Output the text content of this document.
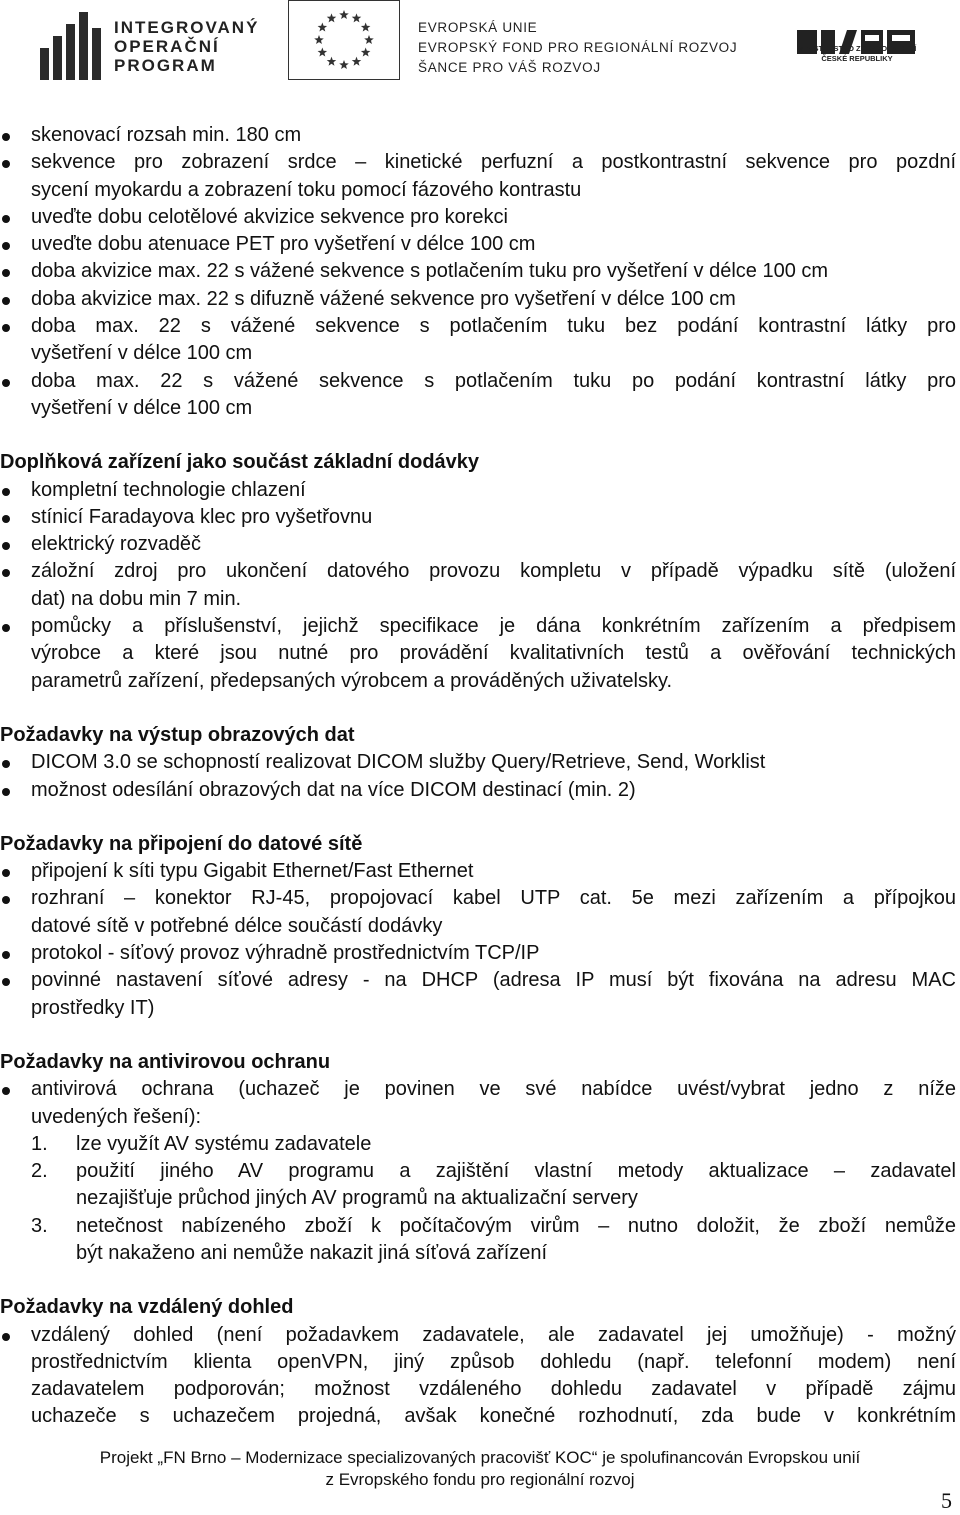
INTEGROVANÝ
OPERAČNÍ
PROGRAM
EVROPSKÁ UNIE
EVROPSKÝ FOND PRO REGIONÁLNÍ ROZVOJ
ŠANCE PRO VÁŠ ROZVOJ
MINISTERSTVO ZDRAVOTNICTVÍ
ČESKÉ REPUBLIKY
skenovací rozsah min. 180 cm
sekvence pro zobrazení srdce – kinetické perfuzní a postkontrastní sekvence pro pozdní
sycení myokardu a zobrazení toku pomocí fázového kontrastu
uveďte dobu celotělové akvizice sekvence pro korekci
uveďte dobu atenuace PET pro vyšetření v délce 100 cm
doba akvizice max. 22 s vážené sekvence s potlačením tuku pro vyšetření v délce 100 cm
doba akvizice max. 22 s difuzně vážené sekvence pro vyšetření v délce 100 cm
doba max. 22 s vážené sekvence s potlačením tuku bez podání kontrastní látky pro
vyšetření v délce 100 cm
doba max. 22 s vážené sekvence s potlačením tuku po podání kontrastní látky pro
vyšetření v délce 100 cm
Doplňková zařízení jako součást základní dodávky
kompletní technologie chlazení
stínicí Faradayova klec pro vyšetřovnu
elektrický rozvaděč
záložní zdroj pro ukončení datového provozu kompletu v případě výpadku sítě (uložení
dat) na dobu min 7 min.
pomůcky a příslušenství, jejichž specifikace je dána konkrétním zařízením a předpisem
výrobce a které jsou nutné pro provádění kvalitativních testů a ověřování technických
parametrů zařízení, předepsaných výrobcem a prováděných uživatelsky.
Požadavky na výstup obrazových dat
DICOM 3.0 se schopností realizovat DICOM služby Query/Retrieve, Send, Worklist
možnost odesílání obrazových dat na více DICOM destinací (min. 2)
Požadavky na připojení do datové sítě
připojení k síti typu Gigabit Ethernet/Fast Ethernet
rozhraní – konektor RJ-45, propojovací kabel UTP cat. 5e mezi zařízením a přípojkou
datové sítě v potřebné délce součástí dodávky
protokol - síťový provoz výhradně prostřednictvím TCP/IP
povinné nastavení síťové adresy - na DHCP (adresa IP musí být fixována na adresu MAC
prostředky IT)
Požadavky na antivirovou ochranu
antivirová ochrana (uchazeč je povinen ve své nabídce uvést/vybrat jedno z níže
uvedených řešení):
1. lze využít AV systému zadavatele
2. použití jiného AV programu a zajištění vlastní metody aktualizace – zadavatel
nezajišťuje průchod jiných AV programů na aktualizační servery
3. netečnost nabízeného zboží k počítačovým virům – nutno doložit, že zboží nemůže
být nakaženo ani nemůže nakazit jiná síťová zařízení
Požadavky na vzdálený dohled
vzdálený dohled (není požadavkem zadavatele, ale zadavatel jej umožňuje) - možný
prostřednictvím klienta openVPN, jiný způsob dohledu (např. telefonní modem) není
zadavatelem podporován; možnost vzdáleného dohledu zadavatel v případě zájmu
uchazeče s uchazečem projedná, avšak konečné rozhodnutí, zda bude v konkrétním
Projekt „FN Brno – Modernizace specializovaných pracovišť KOC“ je spolufinancován Evropskou unií
z Evropského fondu pro regionální rozvoj
5
